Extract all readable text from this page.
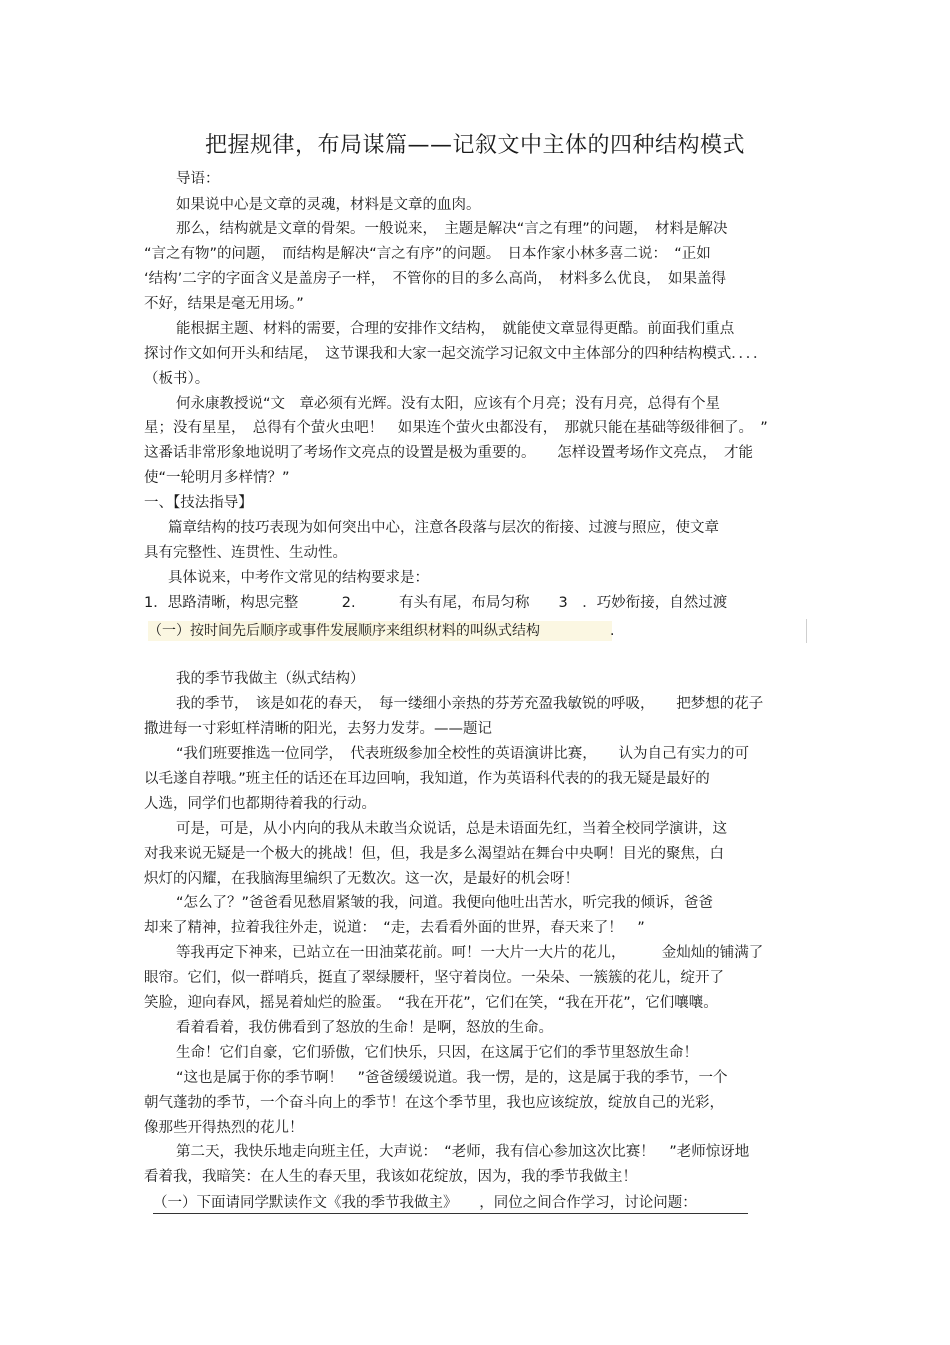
把握规律，布局谋篇——记叙文中主体的四种结构模式
导语：
如果说中心是文章的灵魂，材料是文章的血肉。
那么，结构就是文章的骨架。一般说来，　主题是解决“言之有理”的问题，　材料是解决
“言之有物”的问题，　而结构是解决“言之有序”的问题。　日本作家小林多喜二说：　“正如
‘结构’二字的字面含义是盖房子一样，　不管你的目的多么高尚，　材料多么优良，　如果盖得
不好，结果是毫无用场。”
能根据主题、材料的需要，合理的安排作文结构，　就能使文章显得更酷。前面我们重点
探讨作文如何开头和结尾，　这节课我和大家一起交流学习记叙文中主体部分的四种结构模式．．．．
（板书）。
何永康教授说“文　章必须有光辉。没有太阳，应该有个月亮；没有月亮，总得有个星
星；没有星星，　总得有个萤火虫吧！　如果连个萤火虫都没有，　那就只能在基础等级徘徊了。　”
这番话非常形象地说明了考场作文亮点的设置是极为重要的。　　怎样设置考场作文亮点，　才能
使“一轮明月多样情？”
一、【技法指导】
篇章结构的技巧表现为如何突出中心，注意各段落与层次的衔接、过渡与照应，使文章
具有完整性、连贯性、生动性。
具体说来，中考作文常见的结构要求是：
1．思路清晰，构思完整　　　2.　　　有头有尾，布局匀称　　3　．巧妙衔接，自然过渡
（一）按时间先后顺序或事件发展顺序来组织材料的叫纵式结构	.
我的季节我做主（纵式结构）
我的季节，　该是如花的春天，　每一缕细小亲热的芬芳充盈我敏锐的呼吸，　　把梦想的花子
撒进每一寸彩虹样清晰的阳光，去努力发芽。——题记
“我们班要推选一位同学，　代表班级参加全校性的英语演讲比赛，　　认为自己有实力的可
以毛遂自荐哦。”班主任的话还在耳边回响，我知道，作为英语科代表的的我无疑是最好的
人选，同学们也都期待着我的行动。
可是，可是，从小内向的我从未敢当众说话，总是未语面先红，当着全校同学演讲，这
对我来说无疑是一个极大的挑战！但，但，我是多么渴望站在舞台中央啊！目光的聚焦，白
炽灯的闪耀，在我脑海里编织了无数次。这一次，是最好的机会呀！
“怎么了？”爸爸看见愁眉紧皱的我，问道。我便向他吐出苦水，听完我的倾诉，爸爸
却来了精神，拉着我往外走，说道：　“走，去看看外面的世界，春天来了！　”
等我再定下神来，已站立在一田油菜花前。呵！一大片一大片的花儿，　　　金灿灿的铺满了
眼帘。它们，似一群哨兵，挺直了翠绿腰杆，坚守着岗位。一朵朵、一簇簇的花儿，绽开了
笑脸，迎向春风，摇晃着灿烂的脸蛋。　“我在开花”，它们在笑，“我在开花”，它们嚷嚷。
看着看着，我仿佛看到了怒放的生命！是啊，怒放的生命。
生命！它们自豪，它们骄傲，它们快乐，只因，在这属于它们的季节里怒放生命！
“这也是属于你的季节啊！　”爸爸缓缓说道。我一愣，是的，这是属于我的季节，一个
朝气蓬勃的季节，一个奋斗向上的季节！在这个季节里，我也应该绽放，绽放自己的光彩，
像那些开得热烈的花儿！
第二天，我快乐地走向班主任，大声说：　“老师，我有信心参加这次比赛！　”老师惊讶地
看着我，我暗笑：在人生的春天里，我该如花绽放，因为，我的季节我做主！
（一）下面请同学默读作文《我的季节我做主》　　，同位之间合作学习，讨论问题：
